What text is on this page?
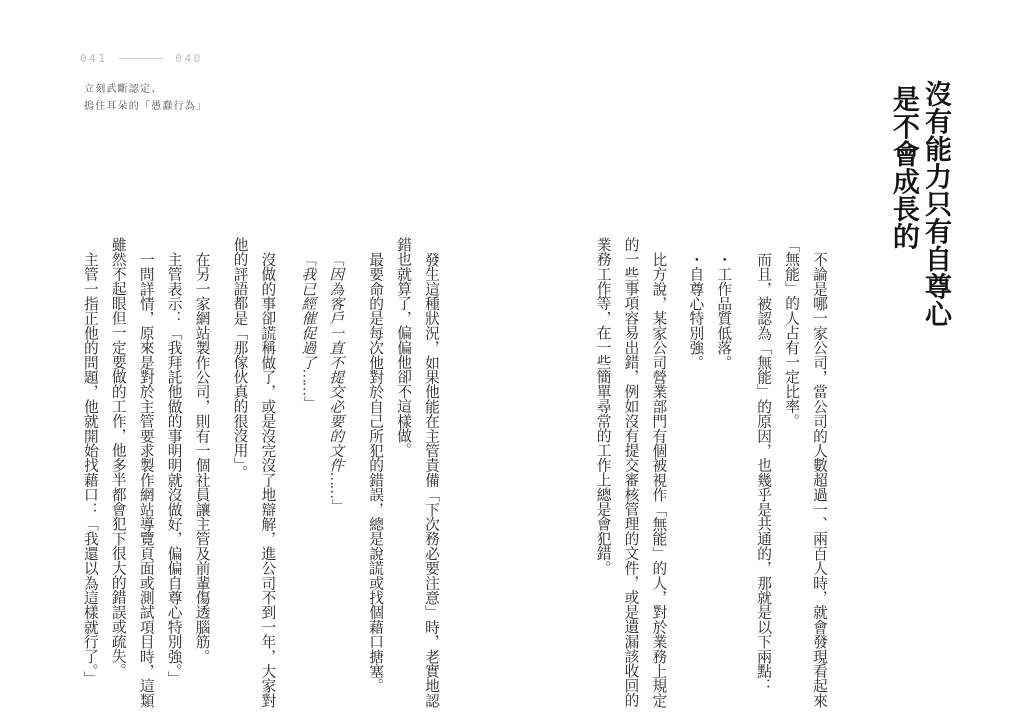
041	040
立刻武斷認定、
摀住耳朵的「愚蠢行為」	沒有能力只有自尊心
是不會成長的

不論是哪一家公司，當公司的人數超過一、兩百人時，就會發現看起來「無能」的人占有一定比率。

而且，被認為「無能」的原因，也幾乎是共通的，那就是以下兩點：

・工作品質低落。

・自尊心特別強。

比方說，某家公司營業部門有個被視作「無能」的人，對於業務上規定的一些事項容易出錯，例如沒有提交審核管理的文件，或是遺漏該收回的業務工作等，在一些簡單尋常的工作上總是會犯錯。

發生這種狀況，如果他能在主管責備「下次務必要注意」時，老實地認錯也就算了，偏偏他卻不這樣做。

最要命的是每次他對於自己所犯的錯誤，總是說謊或找個藉口搪塞。

「因為客戶一直不提交必要的文件……」

「我已經催促過了……」

沒做的事卻謊稱做了，或是沒完沒了地辯解，進公司不到一年，大家對他的評語都是「那傢伙真的很沒用」。

在另一家網站製作公司，則有一個社員讓主管及前輩傷透腦筋。

主管表示：「我拜託他做的事明明就沒做好，偏偏自尊心特別強。」

一問詳情，原來是對於主管要求製作網站導覽頁面或測試項目時，這類雖然不起眼但一定要做的工作，他多半都會犯下很大的錯誤或疏失。

主管一指正他的問題，他就開始找藉口：「我還以為這樣就行了。」
